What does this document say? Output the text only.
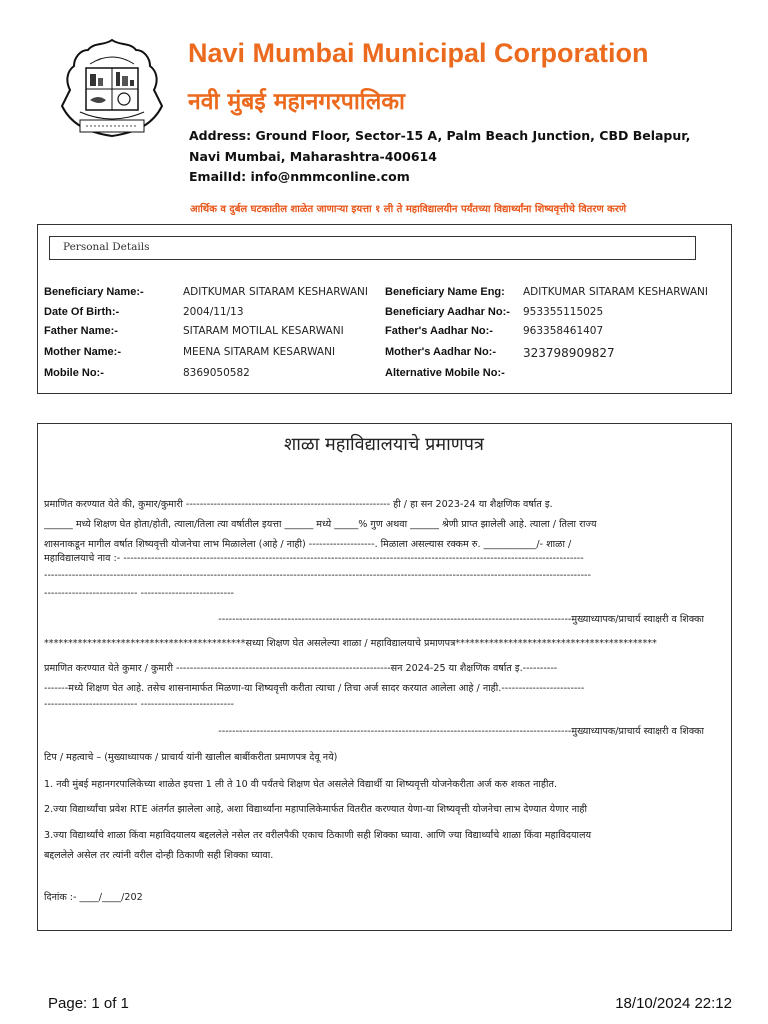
Navi Mumbai Municipal Corporation
नवी मुंबई महानगरपालिका
Address: Ground Floor, Sector-15 A, Palm Beach Junction, CBD Belapur,
Navi Mumbai, Maharashtra-400614
EmailId: info@nmmconline.com
आर्थिक व दुर्बल घटकातील शाळेत जाणाऱ्या इयत्ता १ ली ते महाविद्यालयीन पर्यंतच्या विद्यार्थ्यांना शिष्यवृत्तीचे वितरण करणे
Personal Details
Beneficiary Name:-	ADITKUMAR SITARAM KESHARWANI Beneficiary Name Eng: ADITKUMAR SITARAM KESHARWANI
Date Of Birth:-	2004/11/13	Beneficiary Aadhar No:- 953355115025
Father Name:-	SITARAM MOTILAL KESARWANI	Father's Aadhar No:-	963358461407
Mother Name:-	MEENA SITARAM KESARWANI	Mother's Aadhar No:- 323798909827
Mobile No:-	8369050582	Alternative Mobile No:-
शाळा महाविद्यालयाचे प्रमाणपत्र
प्रमाणित करण्यात येते की, कुमार/कुमारी ----------------------------------------------------------- ही / हा सन 2023-24 या शैक्षणिक वर्षात इ.
______ मध्ये शिक्षण घेत होता/होती, त्याला/तिला त्या वर्षातील इयत्ता ______ मध्ये _____% गुण अथवा ______ श्रेणी प्राप्त झालेली आहे. त्याला / तिला राज्य
शासनाकडून मागील वर्षात शिष्यवृत्ती योजनेचा लाभ मिळालेला (आहे / नाही) -------------------. मिळाला असल्यास रक्कम रु. ___________/- शाळा /
महाविद्यालयाचे नाव :- -------------------------------------------------------------------------------------------------------------------------------------
--------------------------------------------------------------------------------------------------------------------------------------------------------------
--------------------------- ---------------------------
------------------------------------------------------------------------------------------------------मुख्याध्यापक/प्राचार्य स्वाक्षरी व शिक्का
******************************************सध्या शिक्षण घेत असलेल्या शाळा / महाविद्यालयाचे प्रमाणपत्र******************************************
प्रमाणित करण्यात येते कुमार / कुमारी --------------------------------------------------------------सन 2024-25 या शैक्षणिक वर्षात इ.----------
-------मध्ये शिक्षण घेत आहे. तसेच शासनामार्फत मिळणा-या शिष्यवृत्ती करीता त्याचा / तिचा अर्ज सादर करयात आलेला आहे / नाही.------------------------
--------------------------- ---------------------------
------------------------------------------------------------------------------------------------------मुख्याध्यापक/प्राचार्य स्वाक्षरी व शिक्का
टिप / महत्वाचे – (मुख्याध्यापक / प्राचार्य यांनी खालील बाबींकरीता प्रमाणपत्र देवू नये)
1. नवी मुंबई महानगरपालिकेच्या शाळेत इयत्ता 1 ली ते 10 वी पर्यंतचे शिक्षण घेत असलेले विद्यार्थी या शिष्यवृत्ती योजनेकरीता अर्ज करु शकत नाहीत.
2.ज्या विद्यार्थ्यांचा प्रवेश RTE अंतर्गत झालेला आहे, अशा विद्यार्थ्यांना महापालिकेमार्फत वितरीत करण्यात येणा-या शिष्यवृत्ती योजनेचा लाभ देण्यात येणार नाही
3.ज्या विद्यार्थ्यांचे शाळा किंवा महाविदयालय बद्दललेले नसेल तर वरीलपैकी एकाच ठिकाणी सही शिक्का घ्यावा. आणि ज्या विद्यार्थ्यांचे शाळा किंवा महाविदयालय
बद्दललेले असेल तर त्यांनी वरील दोन्ही ठिकाणी सही शिक्का घ्यावा.
दिनांक :- ____/____/202
Page: 1 of 1	18/10/2024 22:12
